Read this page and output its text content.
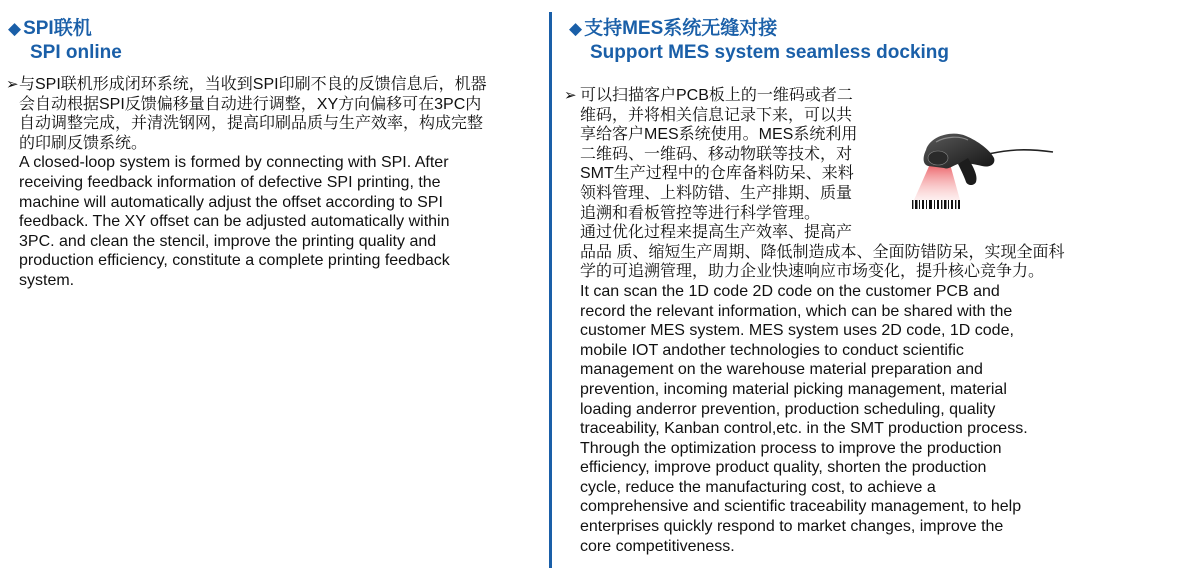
◆ SPI联机
SPI online
➢ 与SPI联机形成闭环系统，当收到SPI印刷不良的反馈信息后，机器
会自动根据SPI反馈偏移量自动进行调整，XY方向偏移可在3PC内
自动调整完成，并清洗钢网，提高印刷品质与生产效率，构成完整
的印刷反馈系统。
A closed-loop system is formed by connecting with SPI. After
receiving feedback information of defective SPI printing, the
machine will automatically adjust the offset according to SPI
feedback. The XY offset can be adjusted automatically within
3PC. and clean the stencil, improve the printing quality and
production efficiency, constitute a complete printing feedback
system.
◆ 支持MES系统无缝对接
Support MES system seamless docking
➢ 可以扫描客户PCB板上的一维码或者二
维码，并将相关信息记录下来，可以共
享给客户MES系统使用。MES系统利用
二维码、一维码、移动物联等技术，对
SMT生产过程中的仓库备料防呆、来料
领料管理、上料防错、生产排期、质量
追溯和看板管控等进行科学管理。
通过优化过程来提高生产效率、提高产
品品 质、缩短生产周期、降低制造成本、全面防错防呆，实现全面科
学的可追溯管理，助力企业快速响应市场变化，提升核心竞争力。
It can scan the 1D code 2D code on the customer PCB and
record the relevant information, which can be shared with the
customer MES system. MES system uses 2D code, 1D code,
mobile IOT andother technologies to conduct scientific
management on the warehouse material preparation and
prevention, incoming material picking management, material
loading anderror prevention, production scheduling, quality
traceability, Kanban control,etc. in the SMT production process.
Through the optimization process to improve the production
efficiency, improve product quality, shorten the production
cycle, reduce the manufacturing cost, to achieve a
comprehensive and scientific traceability management, to help
enterprises quickly respond to market changes, improve the
core competitiveness.
